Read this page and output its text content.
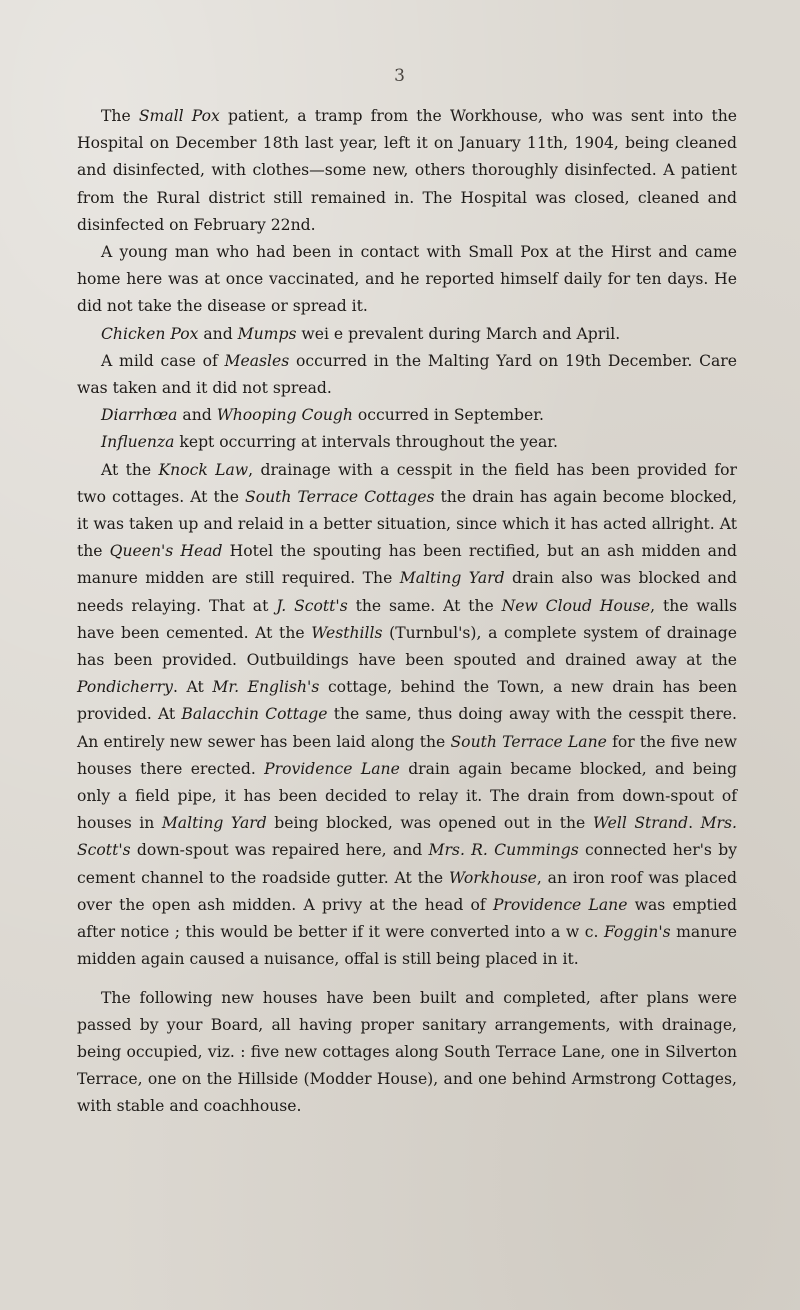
3

The Small Pox patient, a tramp from the Workhouse, who was sent into the Hospital on December 18th last year, left it on January 11th, 1904, being cleaned and disinfected, with clothes—some new, others thoroughly disinfected. A patient from the Rural district still remained in. The Hospital was closed, cleaned and disinfected on February 22nd.

A young man who had been in contact with Small Pox at the Hirst and came home here was at once vaccinated, and he reported himself daily for ten days. He did not take the disease or spread it.

Chicken Pox and Mumps wei e prevalent during March and April.

A mild case of Measles occurred in the Malting Yard on 19th December. Care was taken and it did not spread.

Diarrhœa and Whooping Cough occurred in September.

Influenza kept occurring at intervals throughout the year.

At the Knock Law, drainage with a cesspit in the field has been provided for two cottages. At the South Terrace Cottages the drain has again become blocked, it was taken up and relaid in a better situation, since which it has acted allright. At the Queen's Head Hotel the spouting has been rectified, but an ash midden and manure midden are still required. The Malting Yard drain also was blocked and needs relaying. That at J. Scott's the same. At the New Cloud House, the walls have been cemented. At the Westhills (Turnbul's), a complete system of drainage has been provided. Outbuildings have been spouted and drained away at the Pondicherry. At Mr. English's cottage, behind the Town, a new drain has been provided. At Balacchin Cottage the same, thus doing away with the cesspit there. An entirely new sewer has been laid along the South Terrace Lane for the five new houses there erected. Providence Lane drain again became blocked, and being only a field pipe, it has been decided to relay it. The drain from down-spout of houses in Malting Yard being blocked, was opened out in the Well Strand. Mrs. Scott's down-spout was repaired here, and Mrs. R. Cummings connected her's by cement channel to the roadside gutter. At the Workhouse, an iron roof was placed over the open ash midden. A privy at the head of Providence Lane was emptied after notice ; this would be better if it were converted into a w c. Foggin's manure midden again caused a nuisance, offal is still being placed in it.

The following new houses have been built and completed, after plans were passed by your Board, all having proper sanitary arrangements, with drainage, being occupied, viz. : five new cottages along South Terrace Lane, one in Silverton Terrace, one on the Hillside (Modder House), and one behind Armstrong Cottages, with stable and coachhouse.
